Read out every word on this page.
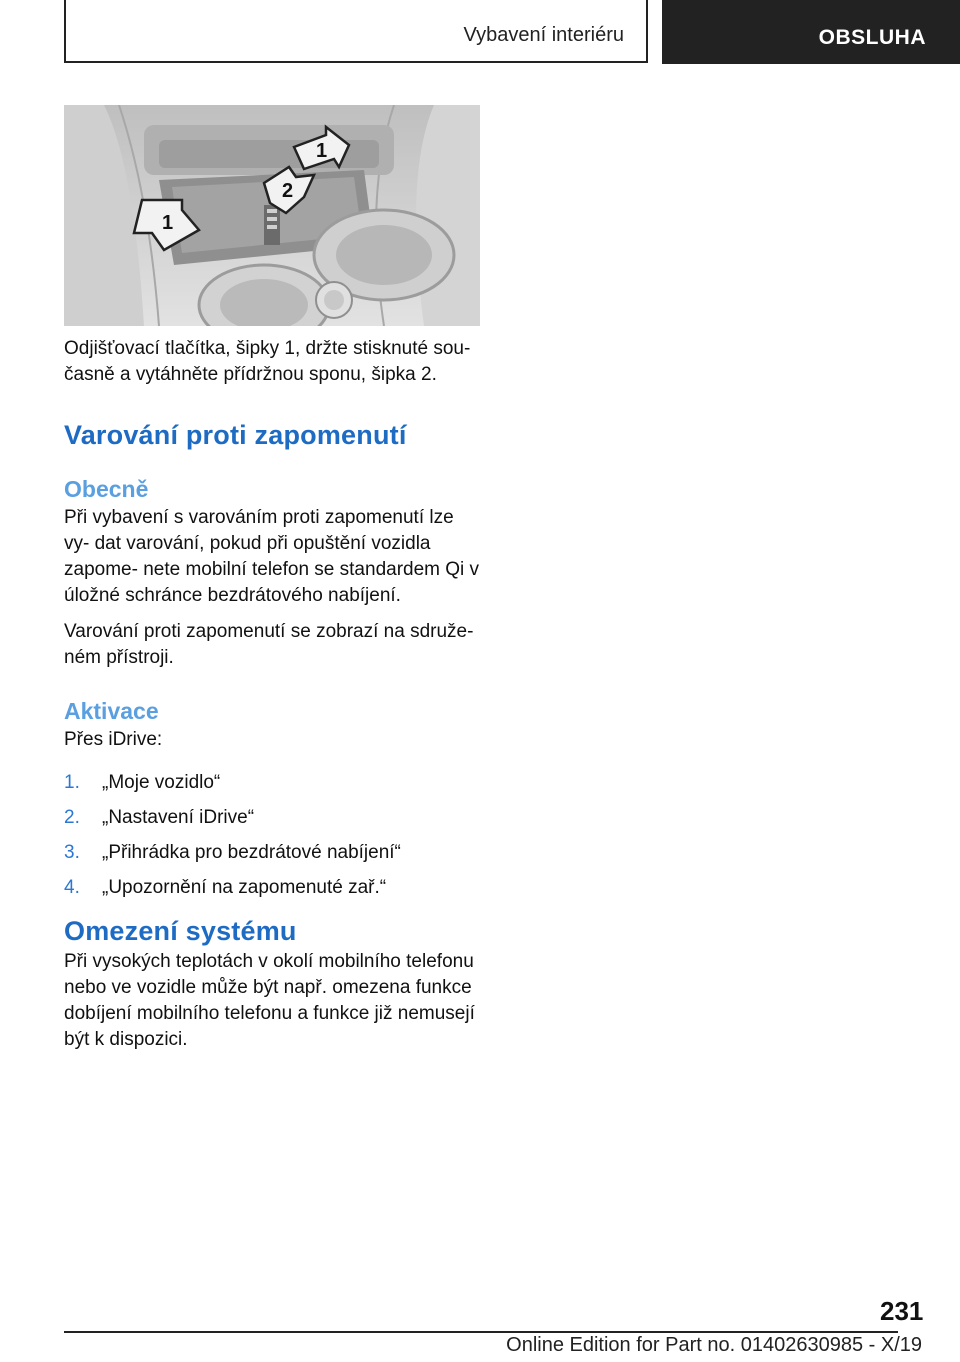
Vybavení interiéru	OBSLUHA
1
2
1

Odjišťovací tlačítka, šipky 1, držte stisknuté sou‐ časně a vytáhněte přídržnou sponu, šipka 2.

Varování proti zapomenutí
Obecně

Při vybavení s varováním proti zapomenutí lze vy‐ dat varování, pokud při opuštění vozidla zapome‐ nete mobilní telefon se standardem Qi v úložné schránce bezdrátového nabíjení.

Varování proti zapomenutí se zobrazí na sdruže‐ ném přístroji.

Aktivace

Přes iDrive:

1. „Moje vozidlo“
2. „Nastavení iDrive“
3. „Přihrádka pro bezdrátové nabíjení“
4. „Upozornění na zapomenuté zař.“
Omezení systému

Při vysokých teplotách v okolí mobilního telefonu nebo ve vozidle může být např. omezena funkce dobíjení mobilního telefonu a funkce již nemusejí být k dispozici.

231
Online Edition for Part no. 01402630985 - X/19
